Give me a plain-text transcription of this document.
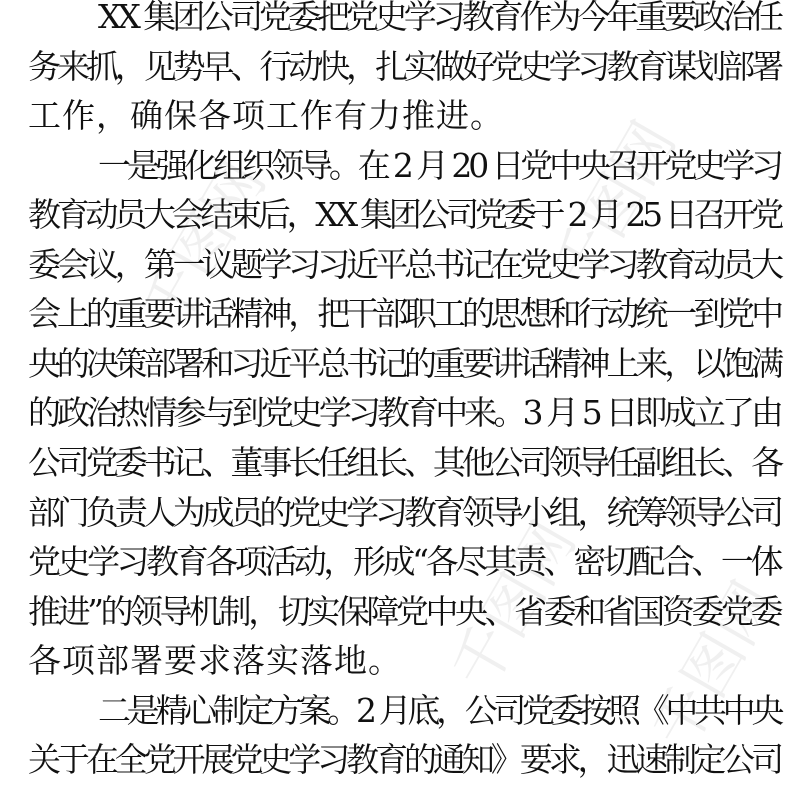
千图网	千图网
千图网 千图网
XX 集团公司党委把党史学习教育作为今年重要政治任
务来抓，见势早、行动快，扎实做好党史学习教育谋划部署
工作，确保各项工作有力推进。
一是强化组织领导。在 2 月 20 日党中央召开党史学习
教育动员大会结束后，XX 集团公司党委于 2 月 25 日召开党
委会议，第一议题学习习近平总书记在党史学习教育动员大
会上的重要讲话精神，把干部职工的思想和行动统一到党中
央的决策部署和习近平总书记的重要讲话精神上来，以饱满
的政治热情参与到党史学习教育中来。3 月 5 日即成立了由
公司党委书记、董事长任组长、其他公司领导任副组长、各
部门负责人为成员的党史学习教育领导小组，统筹领导公司
党史学习教育各项活动，形成“各尽其责、密切配合、一体
推进”的领导机制，切实保障党中央、省委和省国资委党委
各项部署要求落实落地。
二是精心制定方案。2 月底，公司党委按照《中共中央
关于在全党开展党史学习教育的通知》要求，迅速制定公司
